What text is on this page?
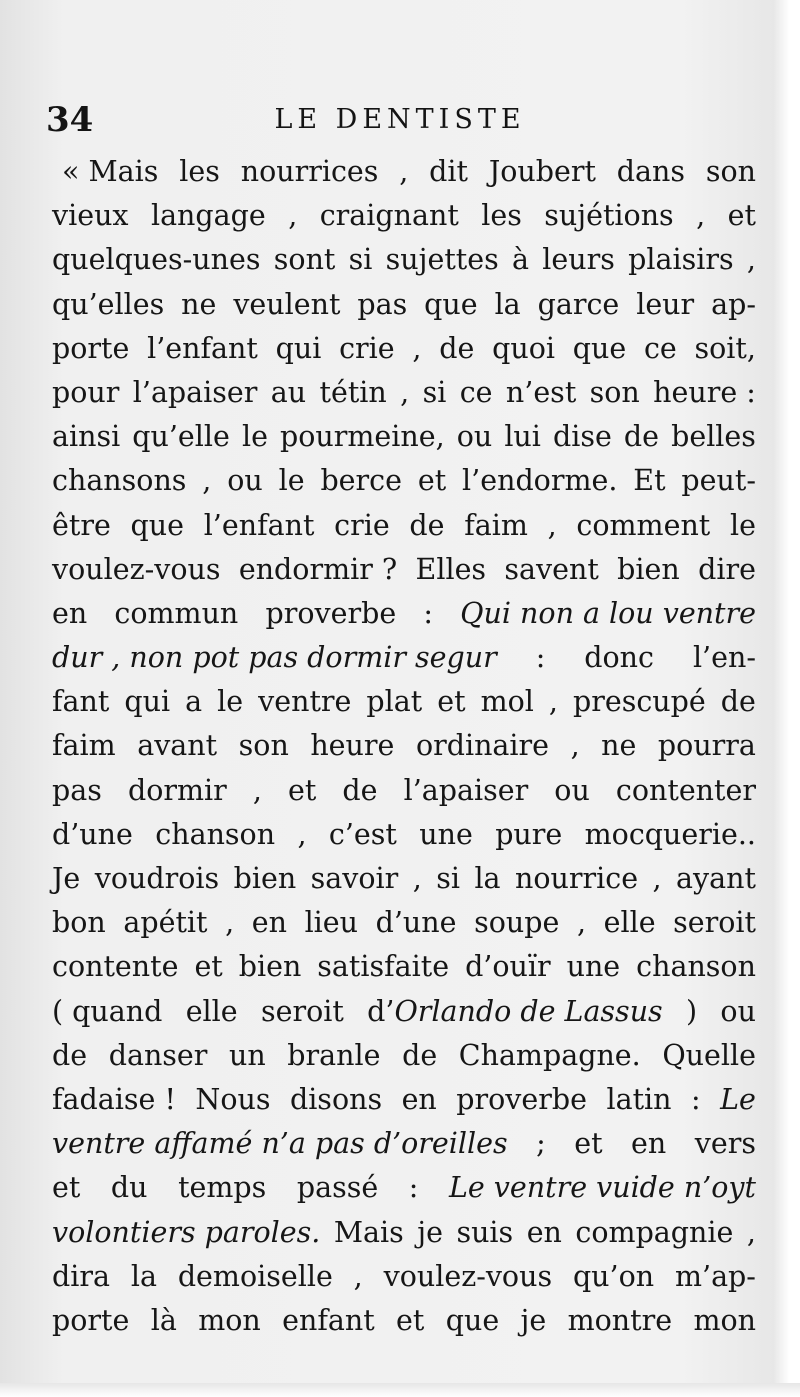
34	LE DENTISTE
« Mais les nourrices , dit Joubert dans son
vieux langage , craignant les sujétions , et
quelques-unes sont si sujettes à leurs plaisirs ,
qu’elles ne veulent pas que la garce leur ap-
porte l’enfant qui crie , de quoi que ce soit,
pour l’apaiser au tétin , si ce n’est son heure :
ainsi qu’elle le pourmeine, ou lui dise de belles
chansons , ou le berce et l’endorme. Et peut-
être que l’enfant crie de faim , comment le
voulez-vous endormir ? Elles savent bien dire
en commun proverbe : Qui non a lou ventre
dur , non pot pas dormir segur : donc l’en-
fant qui a le ventre plat et mol , prescupé de
faim avant son heure ordinaire , ne pourra
pas dormir , et de l’apaiser ou contenter
d’une chanson , c’est une pure mocquerie..
Je voudrois bien savoir , si la nourrice , ayant
bon apétit , en lieu d’une soupe , elle seroit
contente et bien satisfaite d’ouïr une chanson
( quand elle seroit d’Orlando de Lassus ) ou
de danser un branle de Champagne. Quelle
fadaise ! Nous disons en proverbe latin : Le
ventre affamé n’a pas d’oreilles ; et en vers
et du temps passé : Le ventre vuide n’oyt
volontiers paroles. Mais je suis en compagnie ,
dira la demoiselle , voulez-vous qu’on m’ap-
porte là mon enfant et que je montre mon
